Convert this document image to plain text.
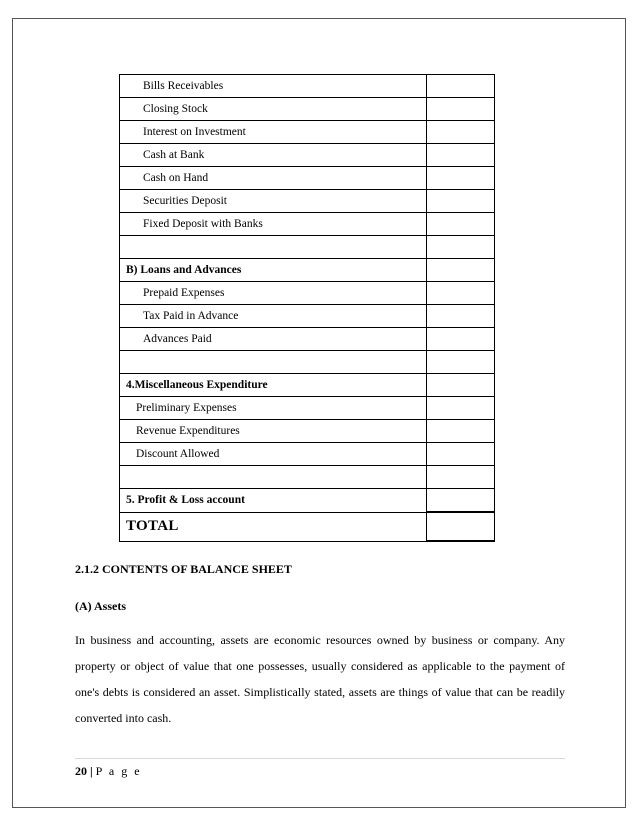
Bills Receivables	
Closing Stock	
Interest on Investment	
Cash at Bank	
Cash on Hand	
Securities Deposit	
Fixed Deposit with Banks	

B) Loans and Advances	
Prepaid Expenses	
Tax Paid in Advance	
Advances Paid	

4.Miscellaneous Expenditure	
Preliminary Expenses	
Revenue Expenditures	
Discount Allowed	

5. Profit & Loss account	
TOTAL	
2.1.2 CONTENTS OF BALANCE SHEET
(A) Assets
In business and accounting, assets are economic resources owned by business or company. Any property or object of value that one possesses, usually considered as applicable to the payment of one's debts is considered an asset. Simplistically stated, assets are things of value that can be readily converted into cash.
20 | P a g e
